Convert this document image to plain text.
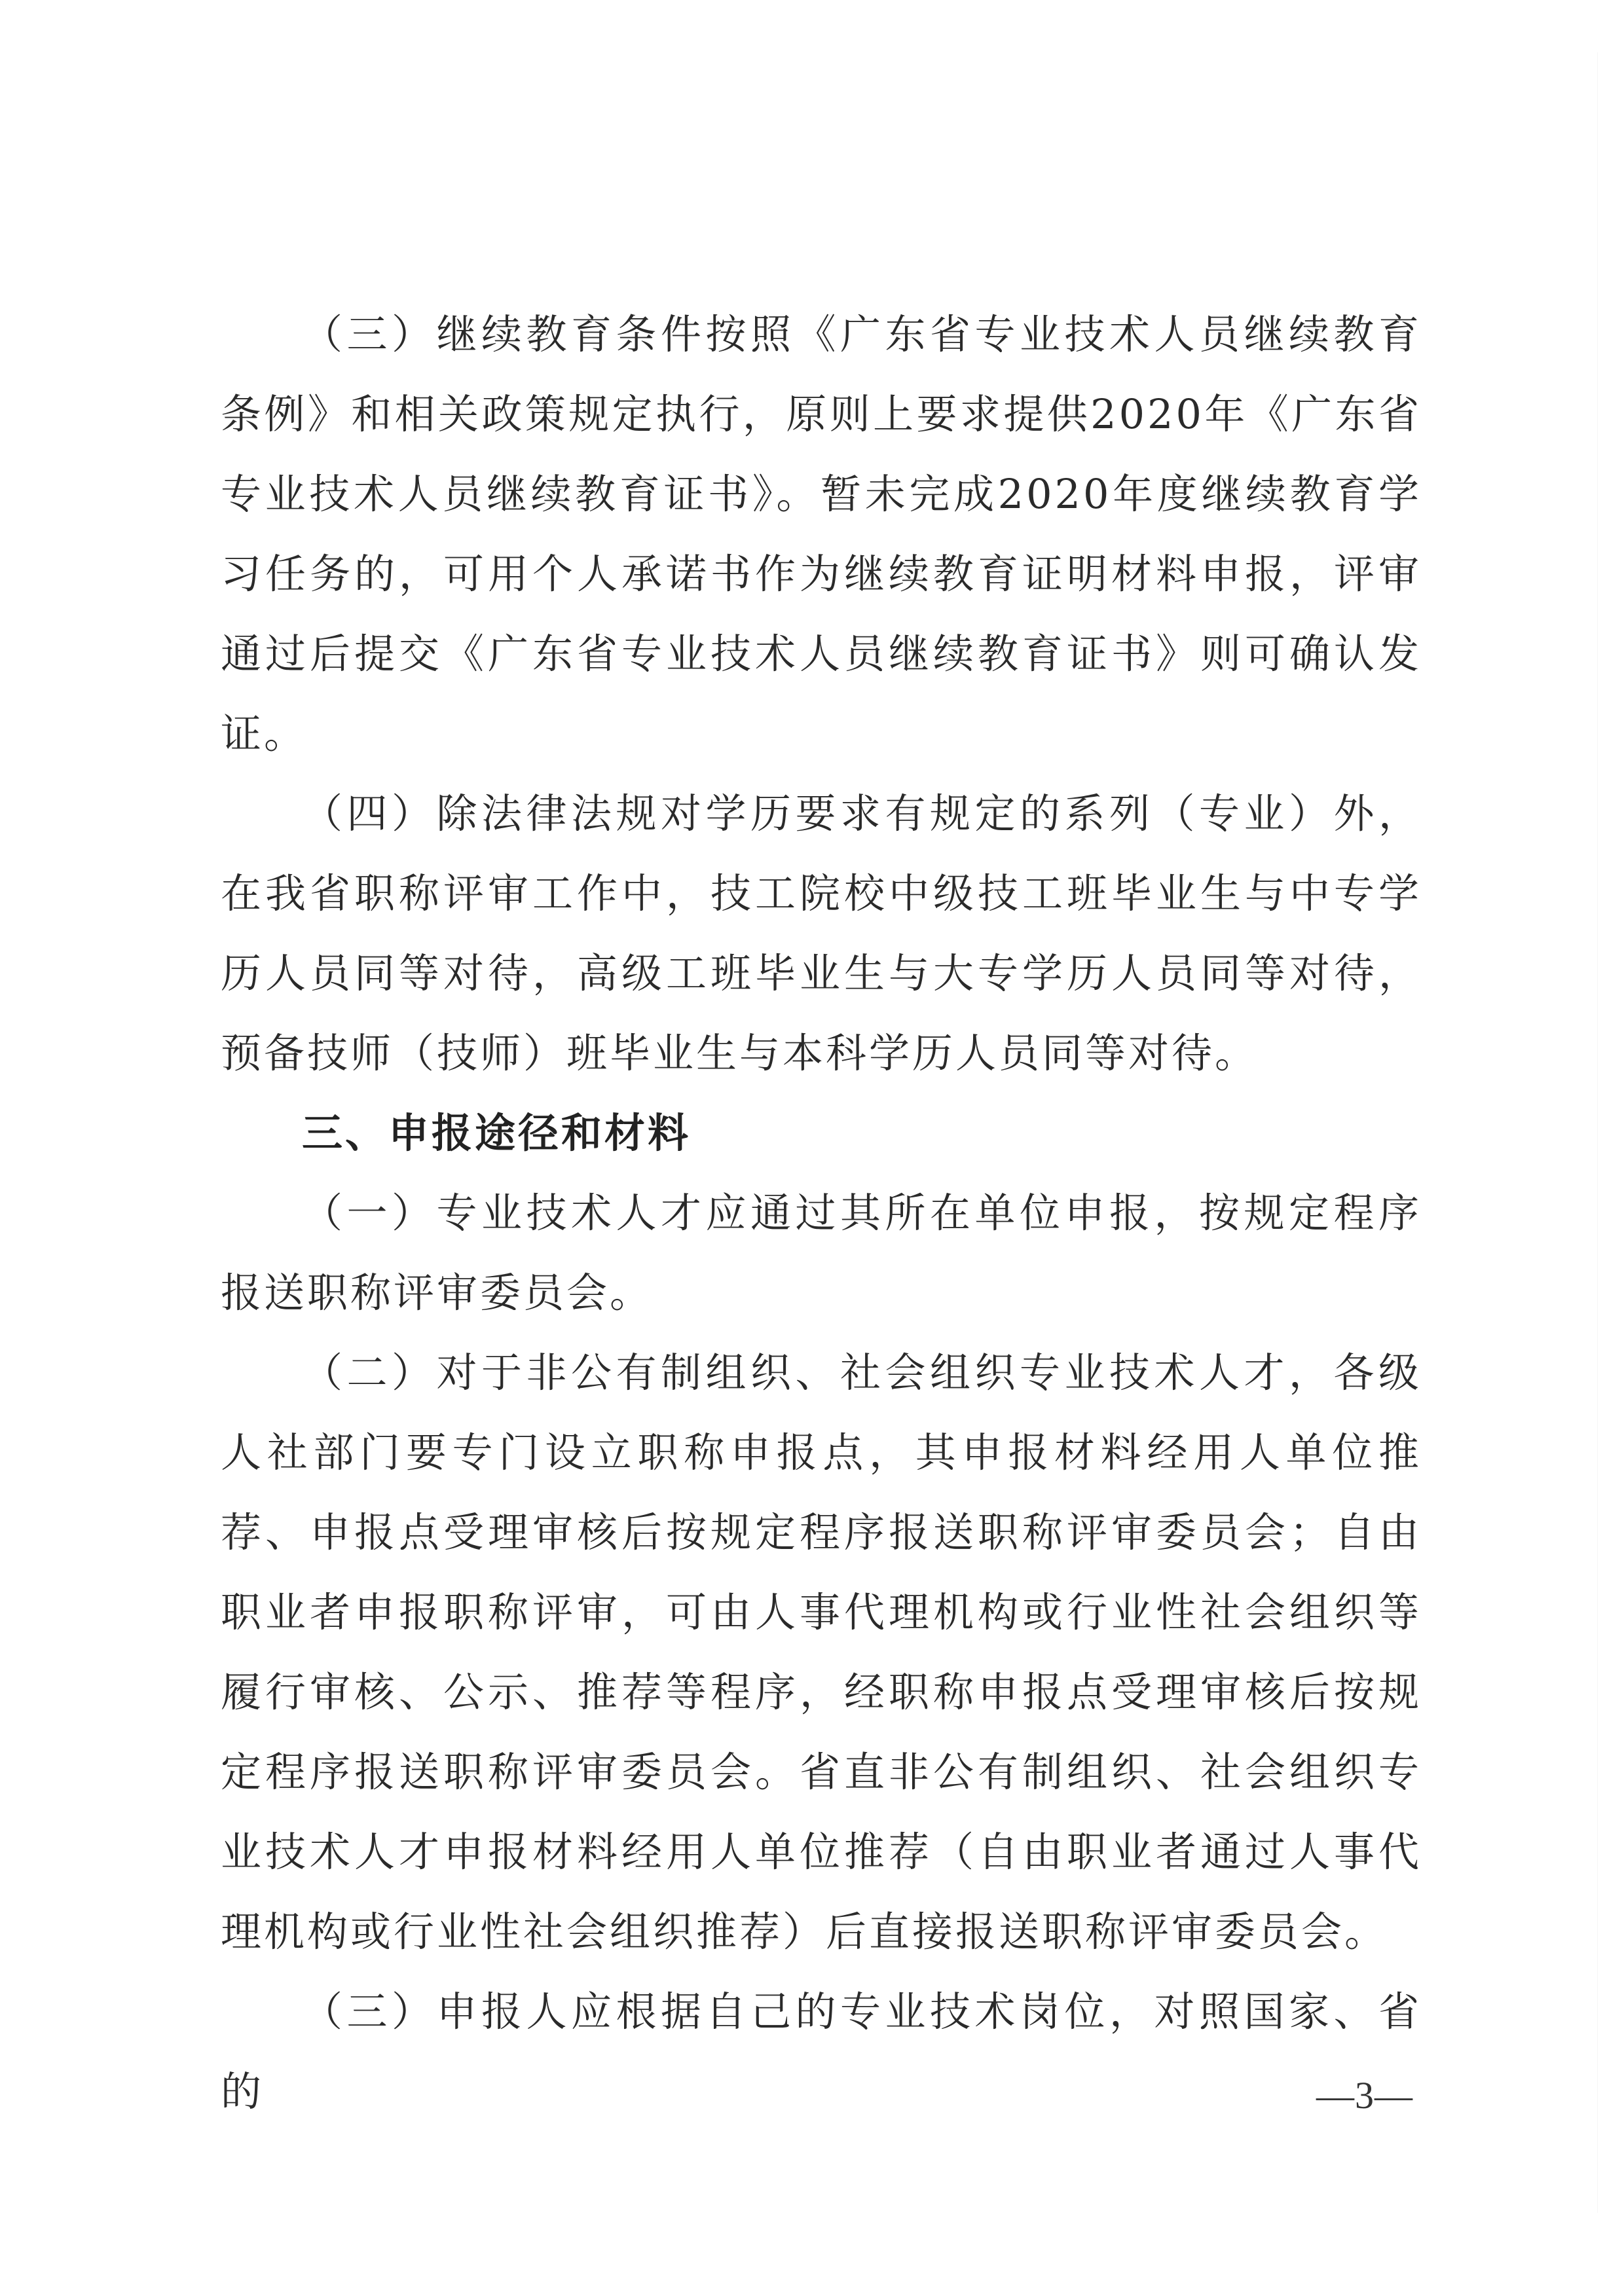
（三）继续教育条件按照《广东省专业技术人员继续教育条例》和相关政策规定执行，原则上要求提供2020年《广东省专业技术人员继续教育证书》。暂未完成2020年度继续教育学习任务的，可用个人承诺书作为继续教育证明材料申报，评审通过后提交《广东省专业技术人员继续教育证书》则可确认发证。

（四）除法律法规对学历要求有规定的系列（专业）外，在我省职称评审工作中，技工院校中级技工班毕业生与中专学历人员同等对待，高级工班毕业生与大专学历人员同等对待，预备技师（技师）班毕业生与本科学历人员同等对待。

三、申报途径和材料

（一）专业技术人才应通过其所在单位申报，按规定程序报送职称评审委员会。

（二）对于非公有制组织、社会组织专业技术人才，各级人社部门要专门设立职称申报点，其申报材料经用人单位推荐、申报点受理审核后按规定程序报送职称评审委员会；自由职业者申报职称评审，可由人事代理机构或行业性社会组织等履行审核、公示、推荐等程序，经职称申报点受理审核后按规定程序报送职称评审委员会。省直非公有制组织、社会组织专业技术人才申报材料经用人单位推荐（自由职业者通过人事代理机构或行业性社会组织推荐）后直接报送职称评审委员会。

（三）申报人应根据自己的专业技术岗位，对照国家、省的	—3—
